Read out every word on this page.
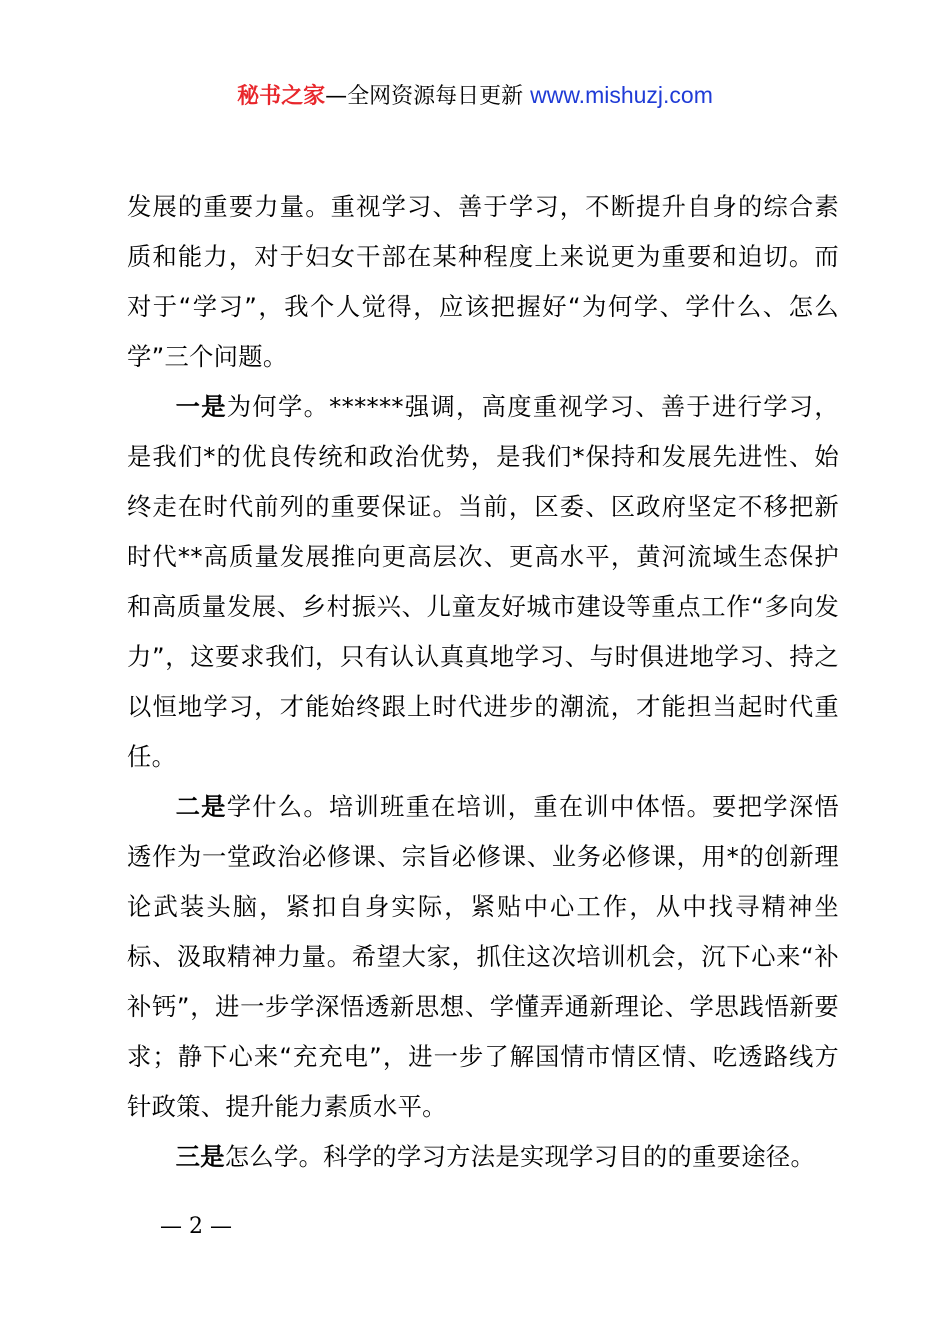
秘书之家—全网资源每日更新 www.mishuzj.com

发展的重要力量。重视学习、善于学习，不断提升自身的综合素质和能力，对于妇女干部在某种程度上来说更为重要和迫切。而对于“学习”，我个人觉得，应该把握好“为何学、学什么、怎么学”三个问题。

一是为何学。******强调，高度重视学习、善于进行学习，是我们*的优良传统和政治优势，是我们*保持和发展先进性、始终走在时代前列的重要保证。当前，区委、区政府坚定不移把新时代**高质量发展推向更高层次、更高水平，黄河流域生态保护和高质量发展、乡村振兴、儿童友好城市建设等重点工作“多向发力”，这要求我们，只有认认真真地学习、与时俱进地学习、持之以恒地学习，才能始终跟上时代进步的潮流，才能担当起时代重任。

二是学什么。培训班重在培训，重在训中体悟。要把学深悟透作为一堂政治必修课、宗旨必修课、业务必修课，用*的创新理论武装头脑，紧扣自身实际，紧贴中心工作，从中找寻精神坐标、汲取精神力量。希望大家，抓住这次培训机会，沉下心来“补补钙”，进一步学深悟透新思想、学懂弄通新理论、学思践悟新要求；静下心来“充充电”，进一步了解国情市情区情、吃透路线方针政策、提升能力素质水平。

三是怎么学。科学的学习方法是实现学习目的的重要途径。

— 2 —
